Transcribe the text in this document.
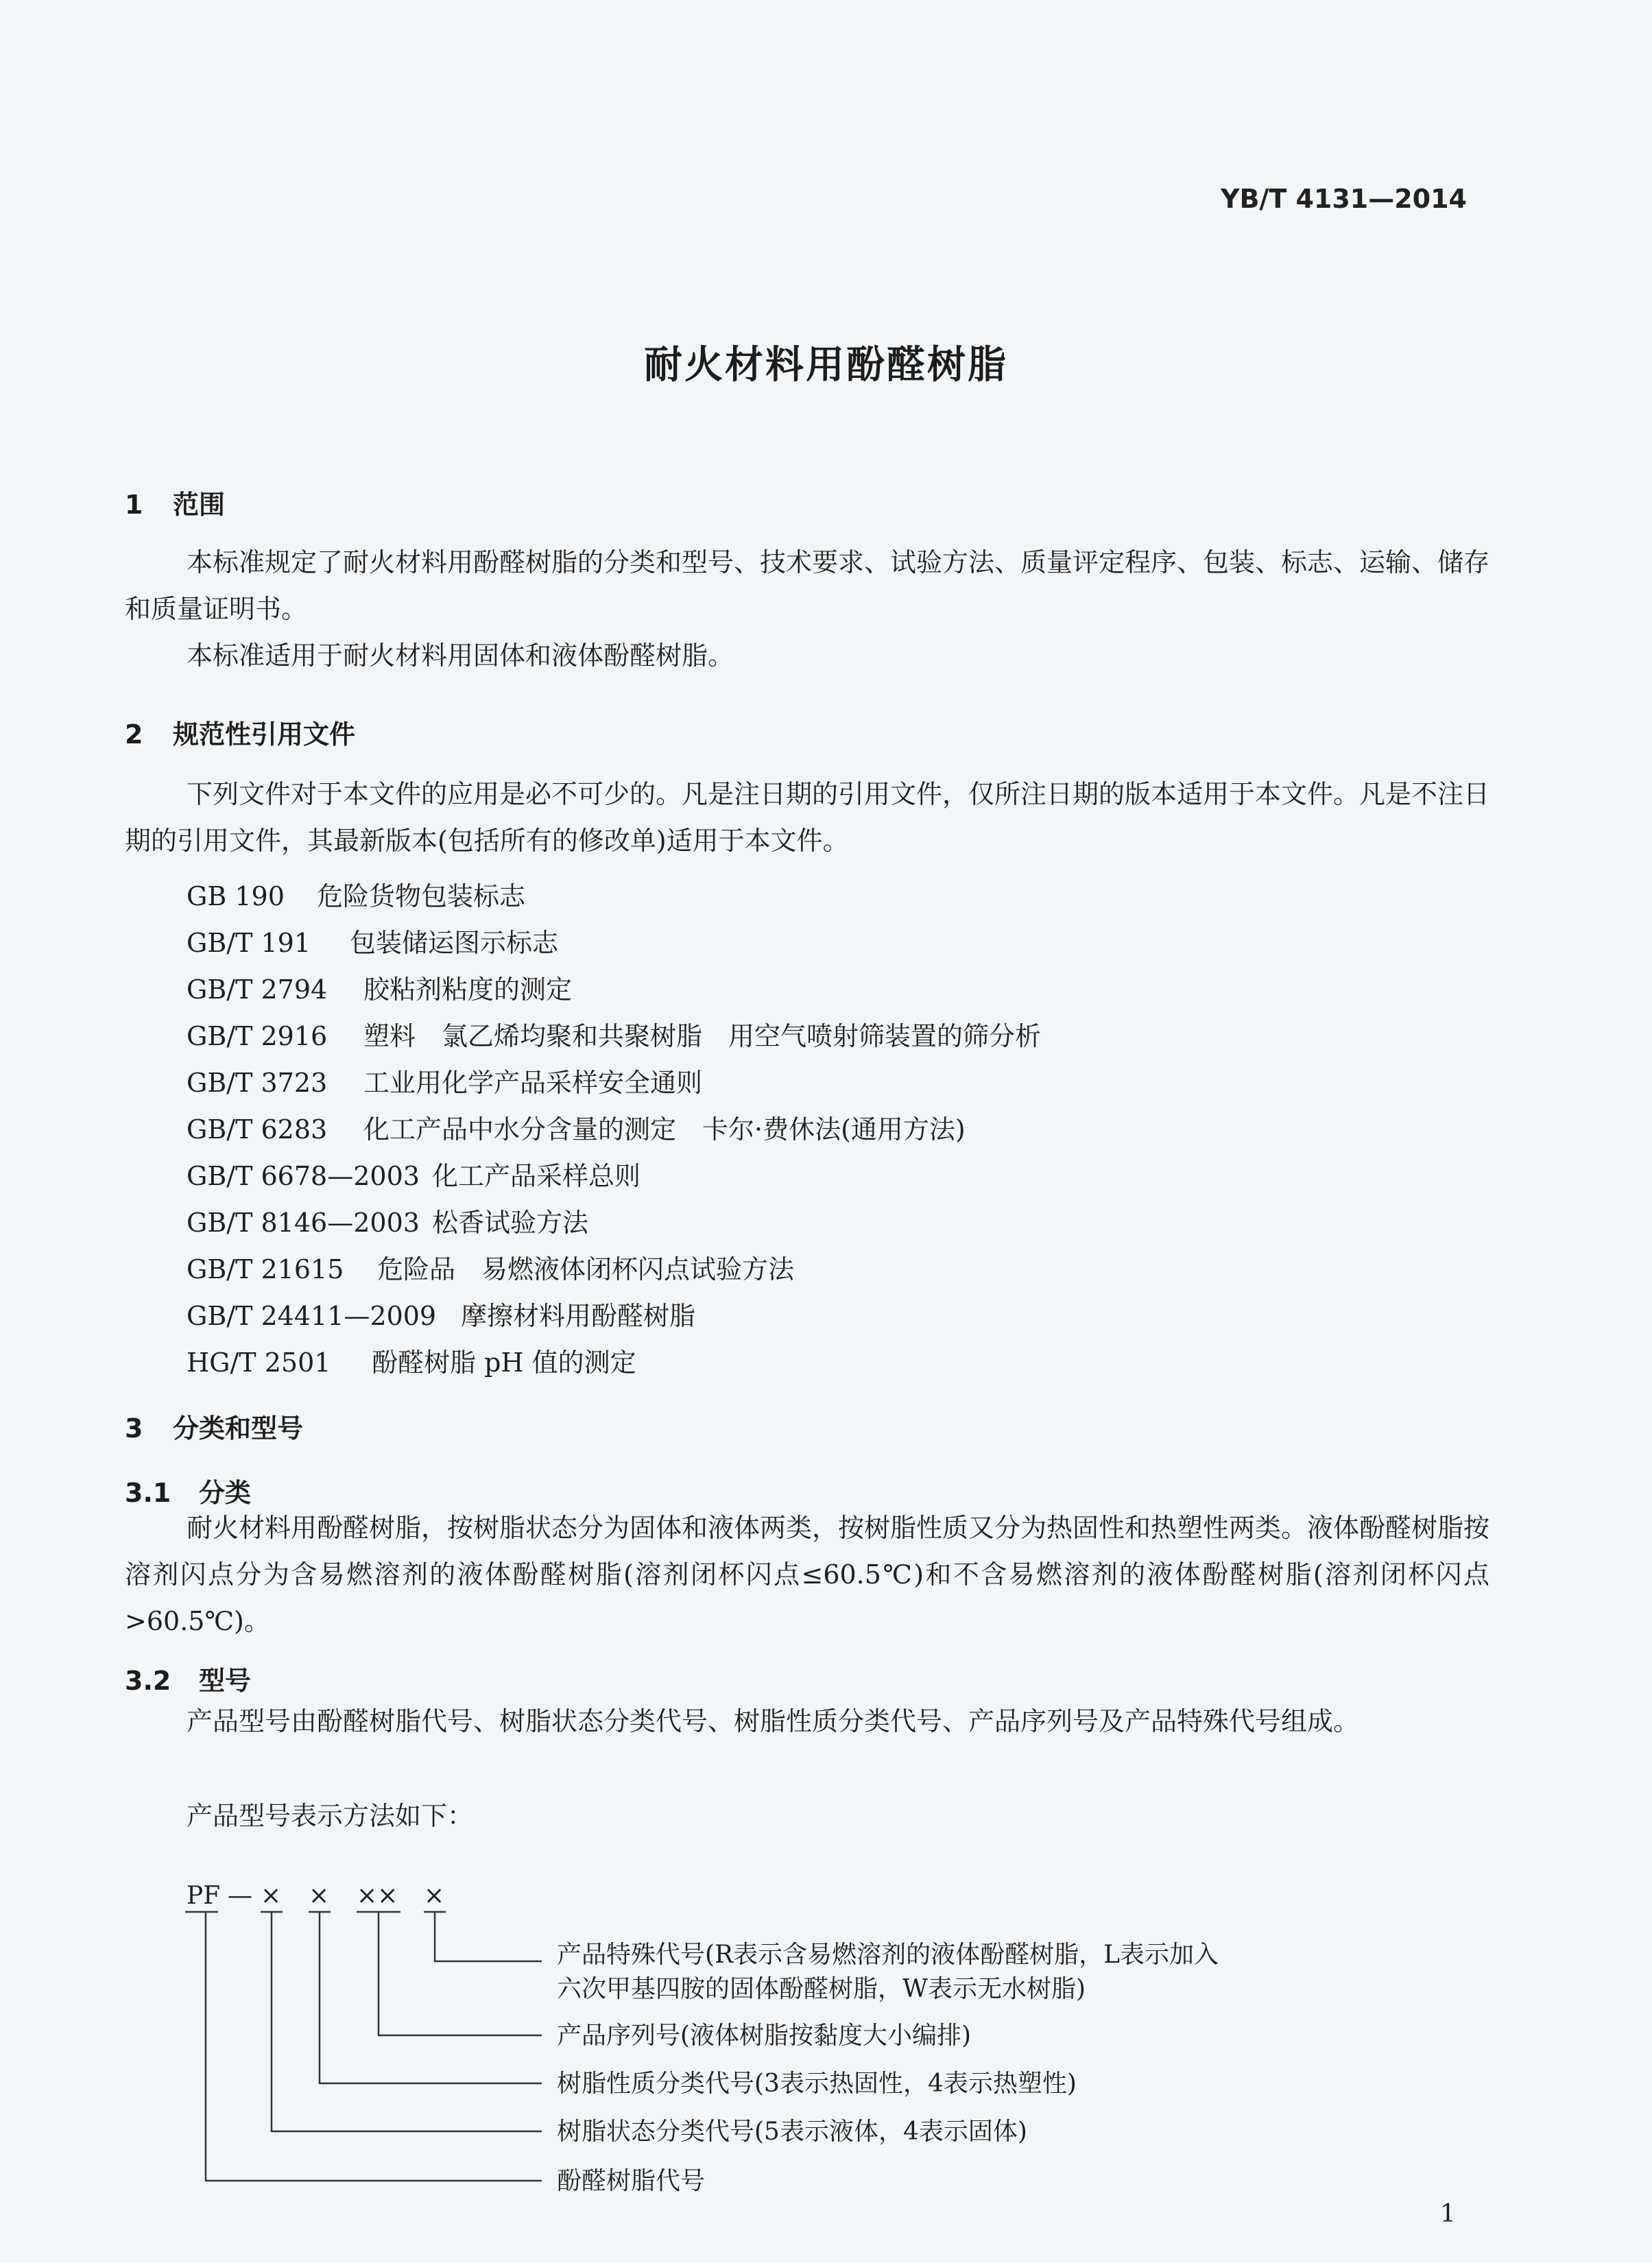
YB/T 4131—2014
耐火材料用酚醛树脂
1 范围
本标准规定了耐火材料用酚醛树脂的分类和型号、技术要求、试验方法、质量评定程序、包装、标志、运输、储存和质量证明书。
本标准适用于耐火材料用固体和液体酚醛树脂。
2 规范性引用文件
下列文件对于本文件的应用是必不可少的。凡是注日期的引用文件，仅所注日期的版本适用于本文件。凡是不注日期的引用文件，其最新版本(包括所有的修改单)适用于本文件。
GB 190 危险货物包装标志
GB/T 191 包装储运图示标志
GB/T 2794 胶粘剂粘度的测定
GB/T 2916 塑料　氯乙烯均聚和共聚树脂　用空气喷射筛装置的筛分析
GB/T 3723 工业用化学产品采样安全通则
GB/T 6283 化工产品中水分含量的测定　卡尔·费休法(通用方法)
GB/T 6678—2003 化工产品采样总则
GB/T 8146—2003 松香试验方法
GB/T 21615 危险品　易燃液体闭杯闪点试验方法
GB/T 24411—2009 摩擦材料用酚醛树脂
HG/T 2501 酚醛树脂 pH 值的测定
3 分类和型号
3.1 分类
耐火材料用酚醛树脂，按树脂状态分为固体和液体两类，按树脂性质又分为热固性和热塑性两类。液体酚醛树脂按溶剂闪点分为含易燃溶剂的液体酚醛树脂(溶剂闭杯闪点≤60.5℃)和不含易燃溶剂的液体酚醛树脂(溶剂闭杯闪点>60.5℃)。
3.2 型号
产品型号由酚醛树脂代号、树脂状态分类代号、树脂性质分类代号、产品序列号及产品特殊代号组成。
产品型号表示方法如下：
PF — × × ×× ×
产品特殊代号(R表示含易燃溶剂的液体酚醛树脂，L表示加入
六次甲基四胺的固体酚醛树脂，W表示无水树脂)
产品序列号(液体树脂按黏度大小编排)
树脂性质分类代号(3表示热固性，4表示热塑性)
树脂状态分类代号(5表示液体，4表示固体)
酚醛树脂代号
1
